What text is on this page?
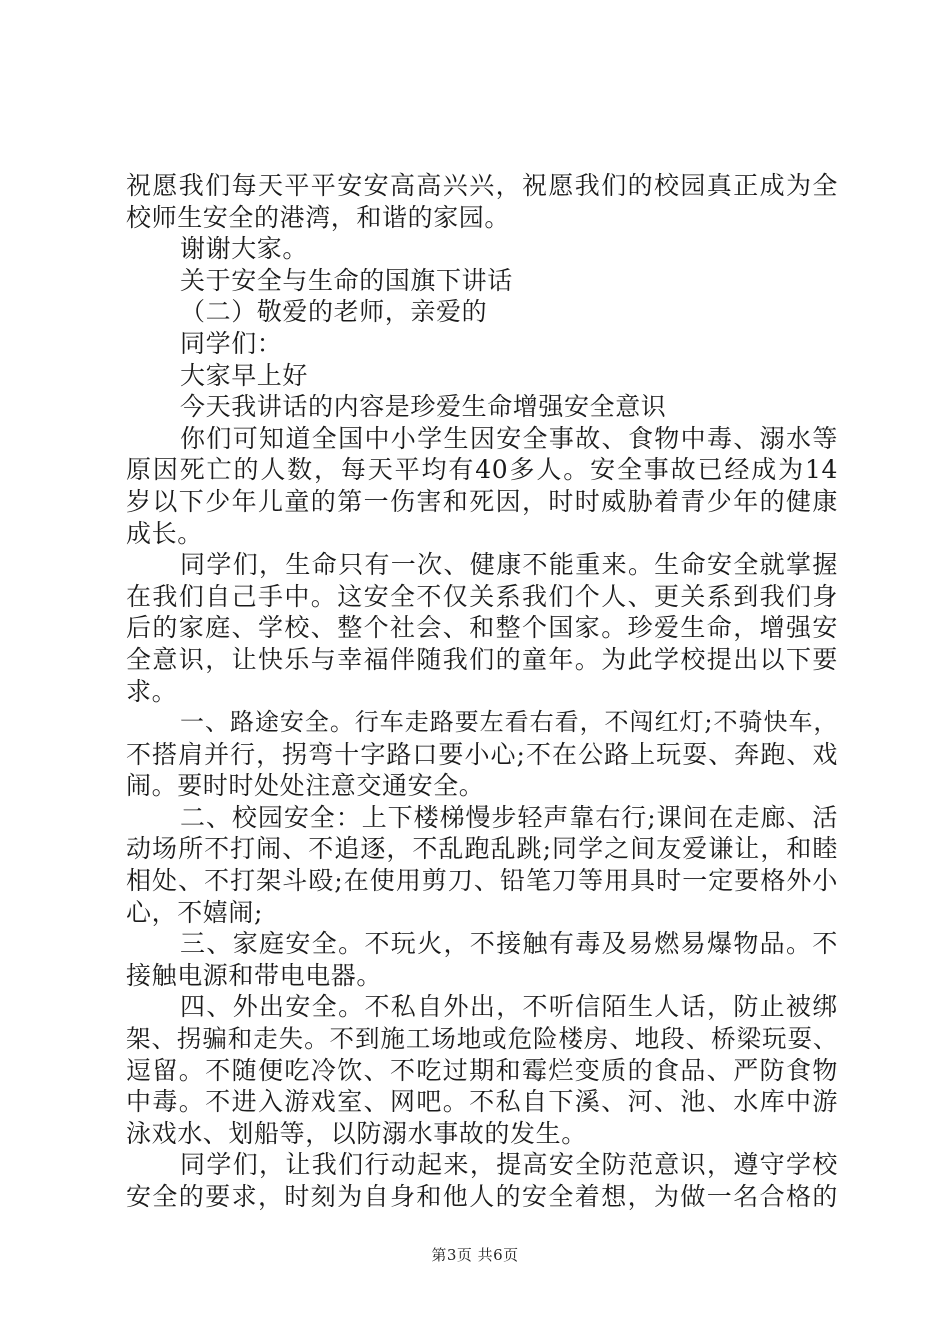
祝愿我们每天平平安安高高兴兴，祝愿我们的校园真正成为全
校师生安全的港湾，和谐的家园。
谢谢大家。
关于安全与生命的国旗下讲话
（二）敬爱的老师，亲爱的
同学们：
大家早上好
今天我讲话的内容是珍爱生命增强安全意识
你们可知道全国中小学生因安全事故、食物中毒、溺水等
原因死亡的人数，每天平均有40多人。安全事故已经成为14
岁以下少年儿童的第一伤害和死因，时时威胁着青少年的健康
成长。
同学们，生命只有一次、健康不能重来。生命安全就掌握
在我们自己手中。这安全不仅关系我们个人、更关系到我们身
后的家庭、学校、整个社会、和整个国家。珍爱生命，增强安
全意识，让快乐与幸福伴随我们的童年。为此学校提出以下要
求。
一、路途安全。行车走路要左看右看，不闯红灯;不骑快车，
不搭肩并行，拐弯十字路口要小心;不在公路上玩耍、奔跑、戏
闹。要时时处处注意交通安全。
二、校园安全：上下楼梯慢步轻声靠右行;课间在走廊、活
动场所不打闹、不追逐，不乱跑乱跳;同学之间友爱谦让，和睦
相处、不打架斗殴;在使用剪刀、铅笔刀等用具时一定要格外小
心，不嬉闹;
三、家庭安全。不玩火，不接触有毒及易燃易爆物品。不
接触电源和带电电器。
四、外出安全。不私自外出，不听信陌生人话，防止被绑
架、拐骗和走失。不到施工场地或危险楼房、地段、桥梁玩耍、
逗留。不随便吃冷饮、不吃过期和霉烂变质的食品、严防食物
中毒。不进入游戏室、网吧。不私自下溪、河、池、水库中游
泳戏水、划船等，以防溺水事故的发生。
同学们，让我们行动起来，提高安全防范意识，遵守学校
安全的要求，时刻为自身和他人的安全着想，为做一名合格的
第3页 共6页
